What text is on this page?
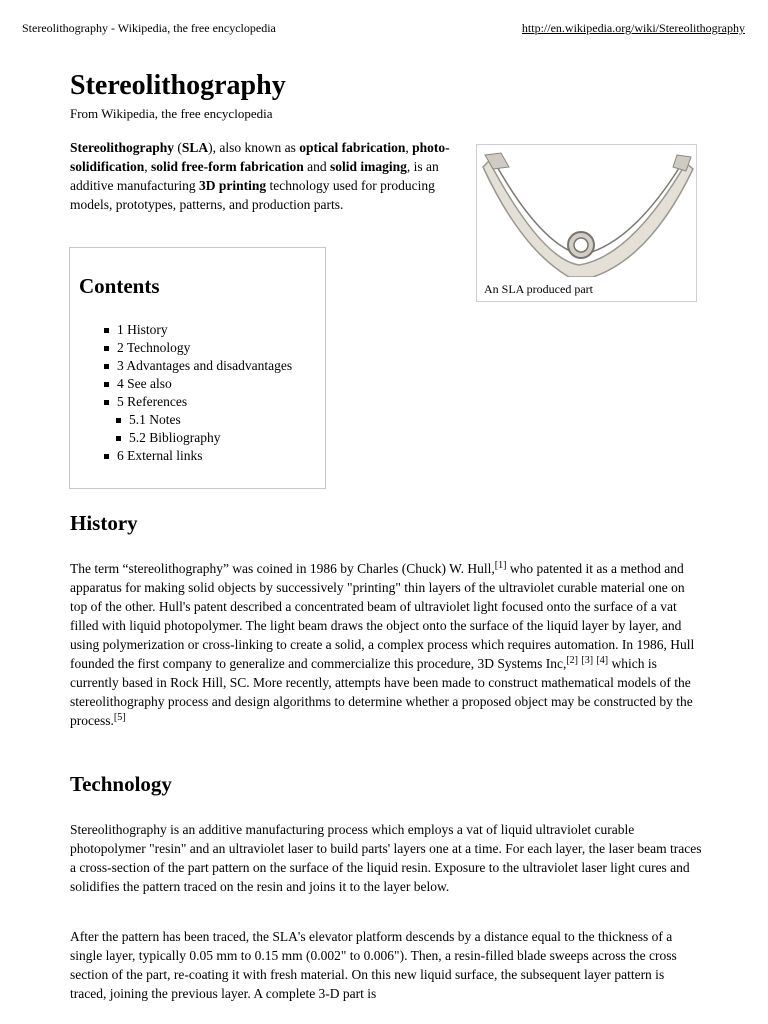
Stereolithography - Wikipedia, the free encyclopedia	http://en.wikipedia.org/wiki/Stereolithography
Stereolithography
From Wikipedia, the free encyclopedia

Stereolithography (SLA), also known as optical fabrication, photo-solidification, solid free-form fabrication and solid imaging, is an additive manufacturing 3D printing technology used for producing models, prototypes, patterns, and production parts.

An SLA produced part
Contents
1 History
2 Technology
3 Advantages and disadvantages
4 See also
5 References
5.1 Notes
5.2 Bibliography
6 External links
History

The term “stereolithography” was coined in 1986 by Charles (Chuck) W. Hull,[1] who patented it as a method and apparatus for making solid objects by successively "printing" thin layers of the ultraviolet curable material one on top of the other. Hull's patent described a concentrated beam of ultraviolet light focused onto the surface of a vat filled with liquid photopolymer. The light beam draws the object onto the surface of the liquid layer by layer, and using polymerization or cross-linking to create a solid, a complex process which requires automation. In 1986, Hull founded the first company to generalize and commercialize this procedure, 3D Systems Inc,[2] [3] [4] which is currently based in Rock Hill, SC. More recently, attempts have been made to construct mathematical models of the stereolithography process and design algorithms to determine whether a proposed object may be constructed by the process.[5]

Technology

Stereolithography is an additive manufacturing process which employs a vat of liquid ultraviolet curable photopolymer "resin" and an ultraviolet laser to build parts' layers one at a time. For each layer, the laser beam traces a cross-section of the part pattern on the surface of the liquid resin. Exposure to the ultraviolet laser light cures and solidifies the pattern traced on the resin and joins it to the layer below.

After the pattern has been traced, the SLA's elevator platform descends by a distance equal to the thickness of a single layer, typically 0.05 mm to 0.15 mm (0.002" to 0.006"). Then, a resin-filled blade sweeps across the cross section of the part, re-coating it with fresh material. On this new liquid surface, the subsequent layer pattern is traced, joining the previous layer. A complete 3-D part is
